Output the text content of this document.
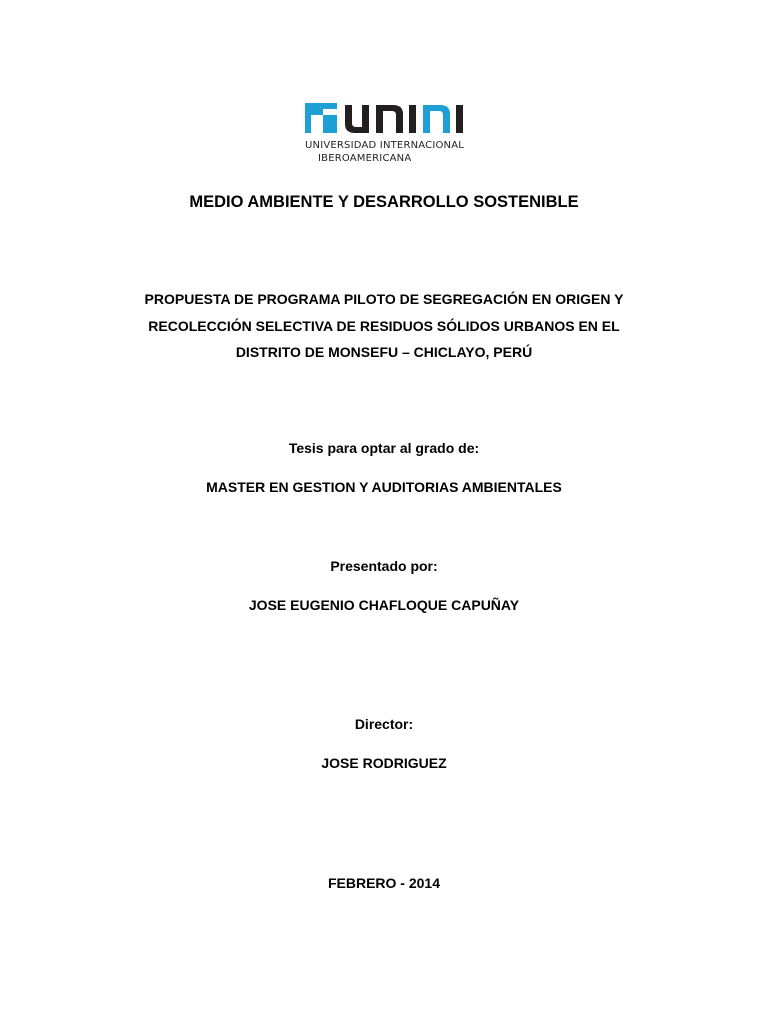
UNIVERSIDAD INTERNACIONAL
IBEROAMERICANA
MEDIO AMBIENTE Y DESARROLLO SOSTENIBLE
PROPUESTA DE PROGRAMA PILOTO DE SEGREGACIÓN EN ORIGEN Y
RECOLECCIÓN SELECTIVA DE RESIDUOS SÓLIDOS URBANOS EN EL
DISTRITO DE MONSEFU – CHICLAYO, PERÚ
Tesis para optar al grado de:
MASTER EN GESTION Y AUDITORIAS AMBIENTALES
Presentado por:
JOSE EUGENIO CHAFLOQUE CAPUÑAY
Director:
JOSE RODRIGUEZ
FEBRERO - 2014
